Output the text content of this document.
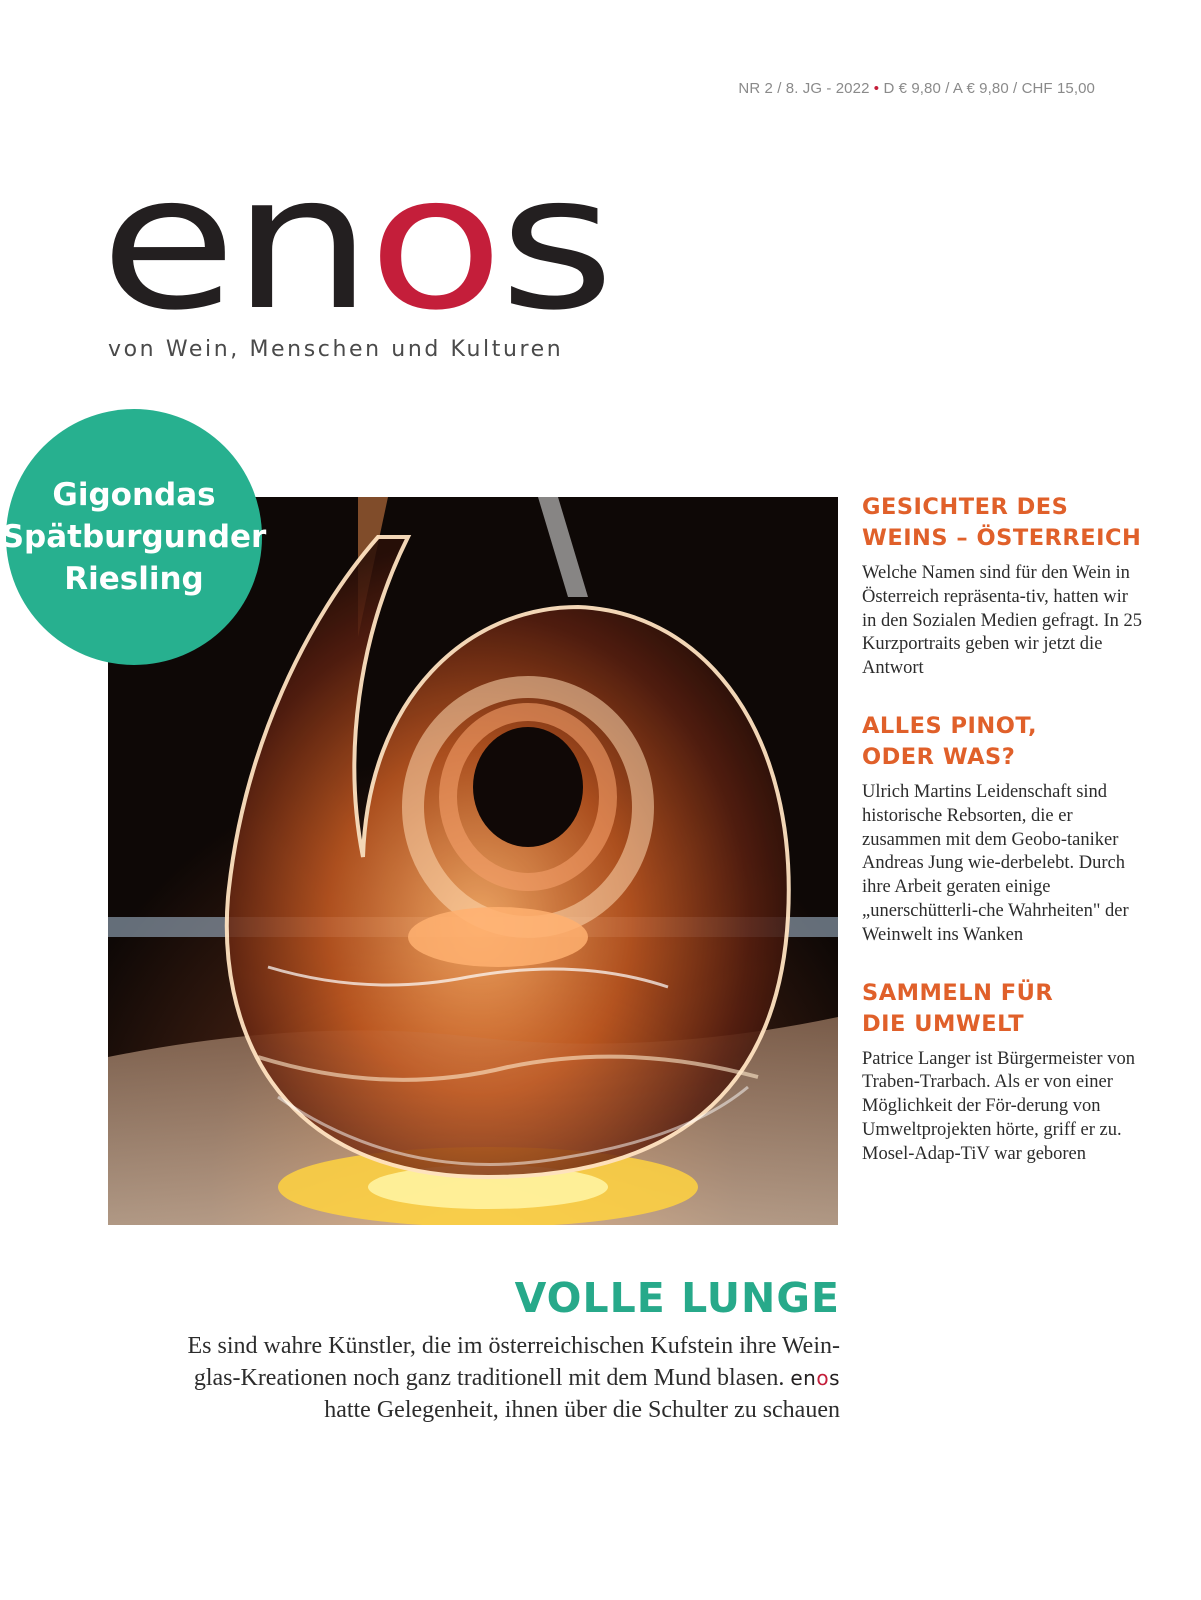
NR 2 / 8. JG - 2022 • D € 9,80 / A € 9,80 / CHF 15,00
en o s
von Wein, Menschen und Kulturen
Gigondas
Spätburgunder
Riesling
GESICHTER DES
WEINS – ÖSTERREICH

Welche Namen sind für den Wein in Österreich repräsenta-tiv, hatten wir in den Sozialen Medien gefragt. In 25 Kurzportraits geben wir jetzt die Antwort

ALLES PINOT,
ODER WAS?

Ulrich Martins Leidenschaft sind historische Rebsorten, die er zusammen mit dem Geobo-taniker Andreas Jung wie-derbelebt. Durch ihre Arbeit geraten einige „unerschütterli-che Wahrheiten" der Weinwelt ins Wanken

SAMMELN FÜR
DIE UMWELT

Patrice Langer ist Bürgermeister von Traben-Trarbach. Als er von einer Möglichkeit der För-derung von Umweltprojekten hörte, griff er zu. Mosel-Adap-TiV war geboren

VOLLE LUNGE

Es sind wahre Künstler, die im österreichischen Kufstein ihre Wein-
glas-Kreationen noch ganz traditionell mit dem Mund blasen. enos
hatte Gelegenheit, ihnen über die Schulter zu schauen
